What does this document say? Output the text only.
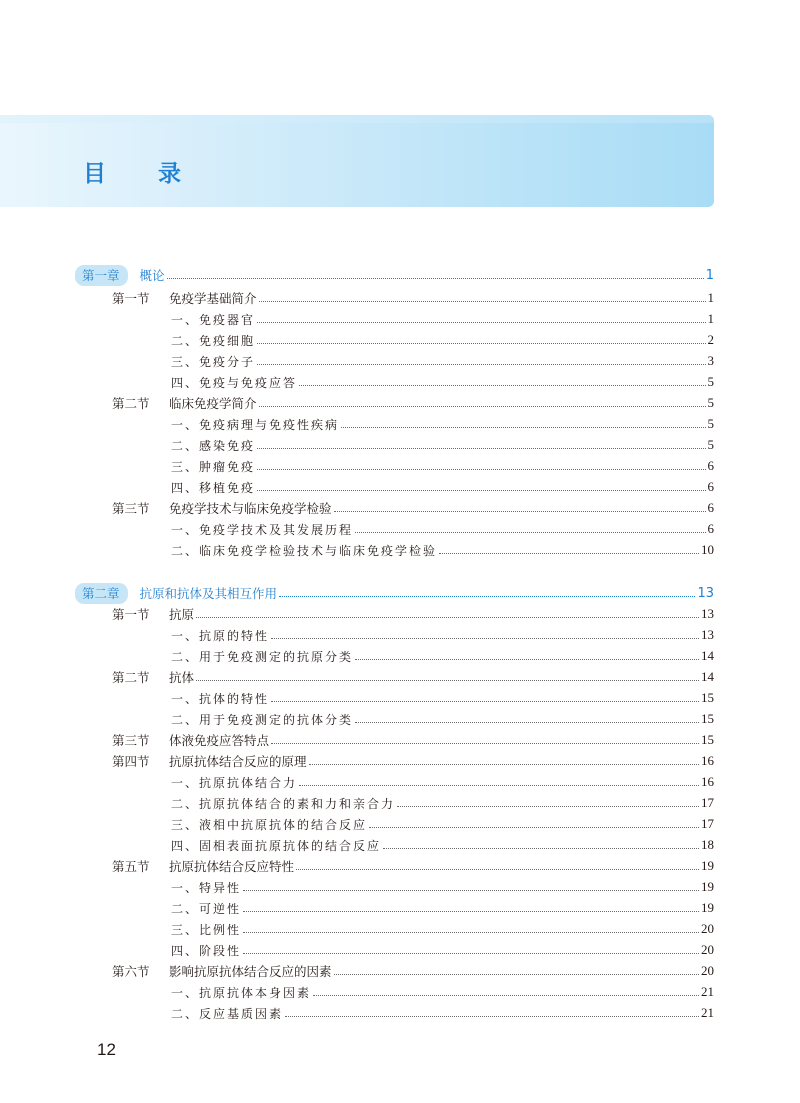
目 录
第一章 概论	1
第一节 免疫学基础简介	1
一、免疫器官	1
二、免疫细胞	2
三、免疫分子	3
四、免疫与免疫应答	5
第二节 临床免疫学简介	5
一、免疫病理与免疫性疾病	5
二、感染免疫	5
三、肿瘤免疫	6
四、移植免疫	6
第三节 免疫学技术与临床免疫学检验	6
一、免疫学技术及其发展历程	6
二、临床免疫学检验技术与临床免疫学检验	10
第二章 抗原和抗体及其相互作用	13
第一节 抗原	13
一、抗原的特性	13
二、用于免疫测定的抗原分类	14
第二节 抗体	14
一、抗体的特性	15
二、用于免疫测定的抗体分类	15
第三节 体液免疫应答特点	15
第四节 抗原抗体结合反应的原理	16
一、抗原抗体结合力	16
二、抗原抗体结合的素和力和亲合力	17
三、液相中抗原抗体的结合反应	17
四、固相表面抗原抗体的结合反应	18
第五节 抗原抗体结合反应特性	19
一、特异性	19
二、可逆性	19
三、比例性	20
四、阶段性	20
第六节 影响抗原抗体结合反应的因素	20
一、抗原抗体本身因素	21
二、反应基质因素	21
12
